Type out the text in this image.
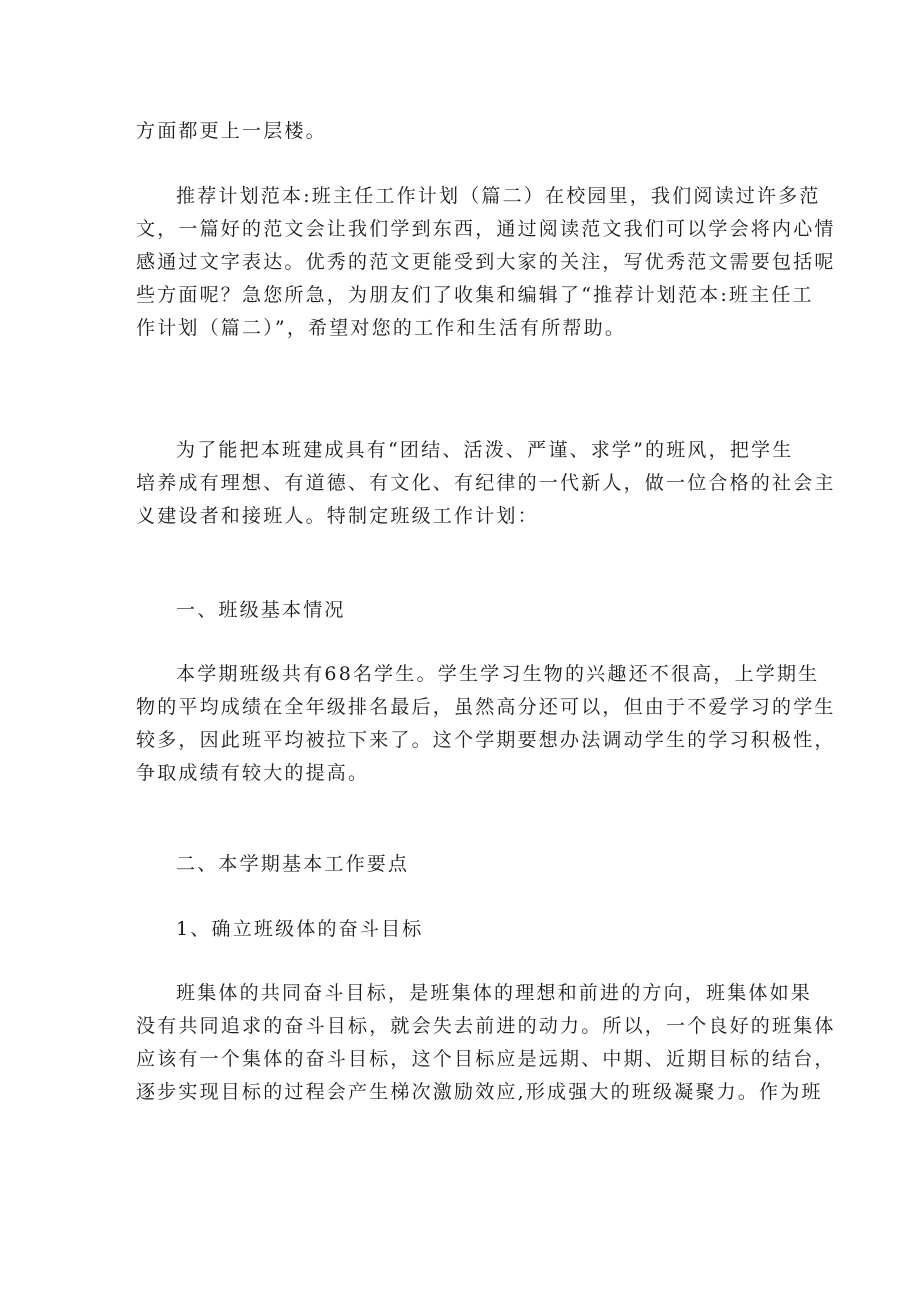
方面都更上一层楼。
推荐计划范本:班主任工作计划（篇二）在校园里，我们阅读过许多范
文，一篇好的范文会让我们学到东西，通过阅读范文我们可以学会将内心情
感通过文字表达。优秀的范文更能受到大家的关注，写优秀范文需要包括呢
些方面呢？急您所急，为朋友们了收集和编辑了“推荐计划范本:班主任工
作计划（篇二）”，希望对您的工作和生活有所帮助。
为了能把本班建成具有“团结、活泼、严谨、求学”的班风，把学生
培养成有理想、有道德、有文化、有纪律的一代新人，做一位合格的社会主
义建设者和接班人。特制定班级工作计划：
一、班级基本情况
本学期班级共有68名学生。学生学习生物的兴趣还不很高，上学期生
物的平均成绩在全年级排名最后，虽然高分还可以，但由于不爱学习的学生
较多，因此班平均被拉下来了。这个学期要想办法调动学生的学习积极性，
争取成绩有较大的提高。
二、本学期基本工作要点
1、确立班级体的奋斗目标
班集体的共同奋斗目标，是班集体的理想和前进的方向，班集体如果
没有共同追求的奋斗目标，就会失去前进的动力。所以，一个良好的班集体
应该有一个集体的奋斗目标，这个目标应是远期、中期、近期目标的结台，
逐步实现目标的过程会产生梯次激励效应,形成强大的班级凝聚力。作为班
